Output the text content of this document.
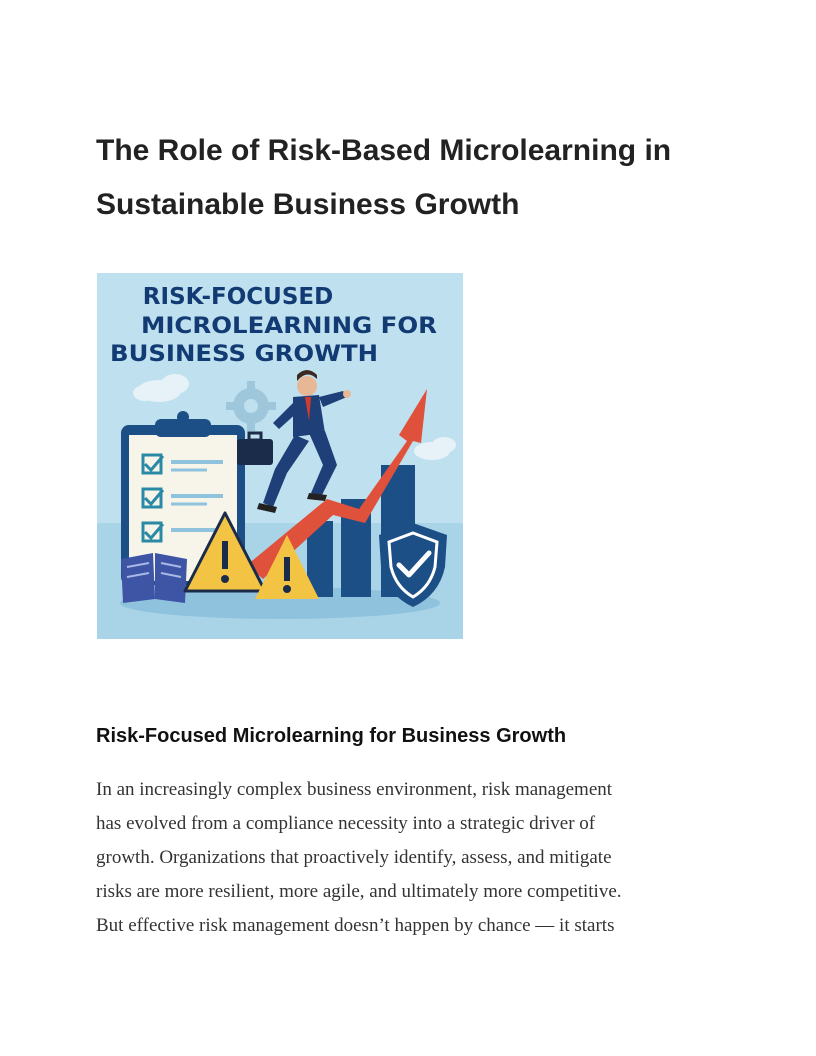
The Role of Risk-Based Microlearning in
Sustainable Business Growth
RISK-FOCUSED
MICROLEARNING FOR
BUSINESS GROWTH
Risk-Focused Microlearning for Business Growth

In an increasingly complex business environment, risk management
has evolved from a compliance necessity into a strategic driver of
growth. Organizations that proactively identify, assess, and mitigate
risks are more resilient, more agile, and ultimately more competitive.
But effective risk management doesn’t happen by chance — it starts
